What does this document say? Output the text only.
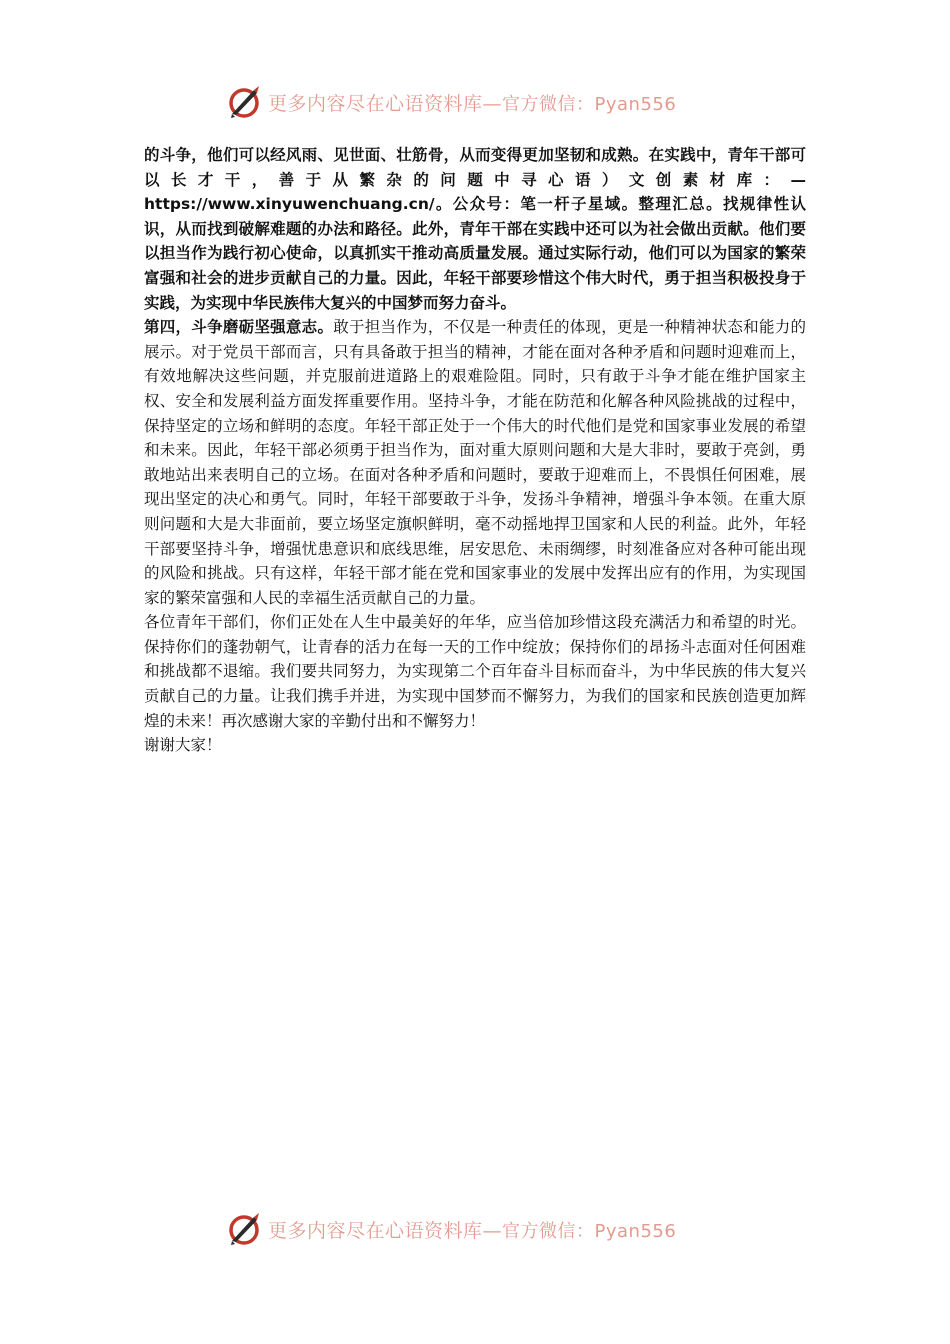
更多内容尽在心语资料库—官方微信：Pyan556

的斗争，他们可以经风雨、见世面、壮筋骨，从而变得更加坚韧和成熟。在实践中，青年干部可以长才干，善于从繁杂的问题中寻心语）文创素材库：— https://www.xinyuwenchuang.cn/。公众号：笔一杆子星域。整理汇总。找规律性认识，从而找到破解难题的办法和路径。此外，青年干部在实践中还可以为社会做出贡献。他们要以担当作为践行初心使命，以真抓实干推动高质量发展。通过实际行动，他们可以为国家的繁荣富强和社会的进步贡献自己的力量。因此，年轻干部要珍惜这个伟大时代，勇于担当积极投身于实践，为实现中华民族伟大复兴的中国梦而努力奋斗。

第四，斗争磨砺坚强意志。敢于担当作为，不仅是一种责任的体现，更是一种精神状态和能力的展示。对于党员干部而言，只有具备敢于担当的精神，才能在面对各种矛盾和问题时迎难而上，有效地解决这些问题，并克服前进道路上的艰难险阻。同时，只有敢于斗争才能在维护国家主权、安全和发展利益方面发挥重要作用。坚持斗争，才能在防范和化解各种风险挑战的过程中，保持坚定的立场和鲜明的态度。年轻干部正处于一个伟大的时代他们是党和国家事业发展的希望和未来。因此，年轻干部必须勇于担当作为，面对重大原则问题和大是大非时，要敢于亮剑，勇敢地站出来表明自己的立场。在面对各种矛盾和问题时，要敢于迎难而上，不畏惧任何困难，展现出坚定的决心和勇气。同时，年轻干部要敢于斗争，发扬斗争精神，增强斗争本领。在重大原则问题和大是大非面前，要立场坚定旗帜鲜明，毫不动摇地捍卫国家和人民的利益。此外，年轻干部要坚持斗争，增强忧患意识和底线思维，居安思危、未雨绸缪，时刻准备应对各种可能出现的风险和挑战。只有这样，年轻干部才能在党和国家事业的发展中发挥出应有的作用，为实现国家的繁荣富强和人民的幸福生活贡献自己的力量。

各位青年干部们，你们正处在人生中最美好的年华，应当倍加珍惜这段充满活力和希望的时光。保持你们的蓬勃朝气，让青春的活力在每一天的工作中绽放；保持你们的昂扬斗志面对任何困难和挑战都不退缩。我们要共同努力，为实现第二个百年奋斗目标而奋斗，为中华民族的伟大复兴贡献自己的力量。让我们携手并进，为实现中国梦而不懈努力，为我们的国家和民族创造更加辉煌的未来！再次感谢大家的辛勤付出和不懈努力！

谢谢大家！

更多内容尽在心语资料库—官方微信：Pyan556
